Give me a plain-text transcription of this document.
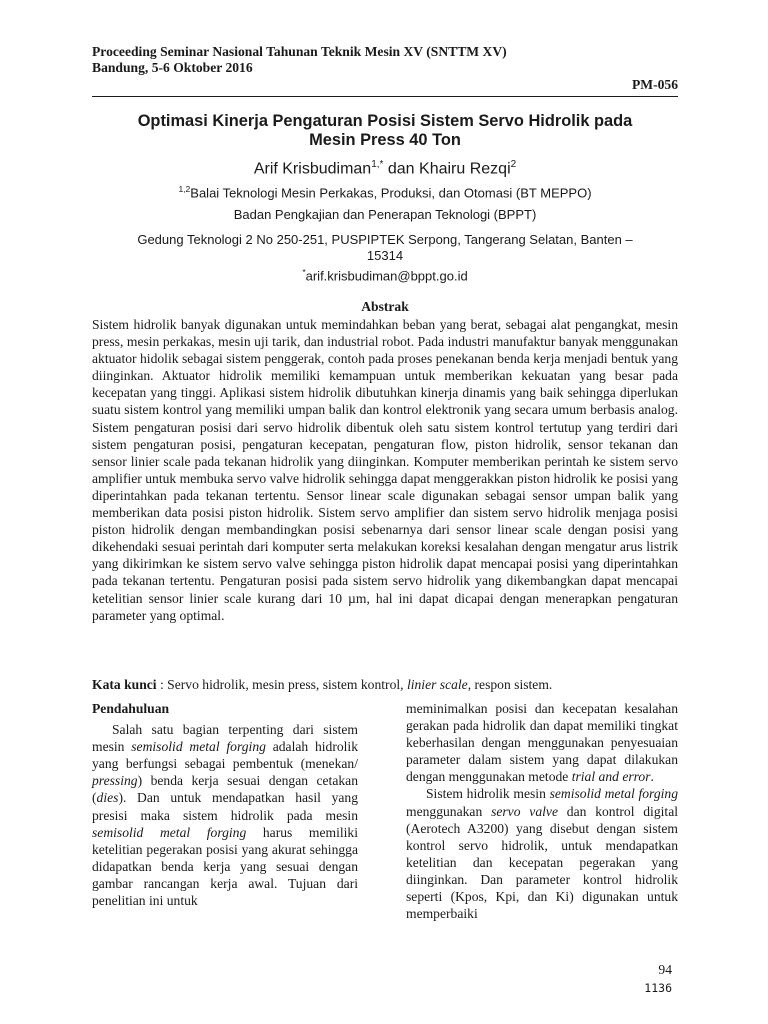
Proceeding Seminar Nasional Tahunan Teknik Mesin XV (SNTTM XV)
Bandung, 5-6 Oktober 2016
PM-056
Optimasi Kinerja Pengaturan Posisi Sistem Servo Hidrolik pada
Mesin Press 40 Ton
Arif Krisbudiman$^{1,*}$ dan Khairu Rezqi$^2$
$^{1,2}$Balai Teknologi Mesin Perkakas, Produksi, dan Otomasi (BT MEPPO)
Badan Pengkajian dan Penerapan Teknologi (BPPT)
Gedung Teknologi 2 No 250-251, PUSPIPTEK Serpong, Tangerang Selatan, Banten –
15314
*arif.krisbudiman@bppt.go.id
Abstrak
Sistem hidrolik banyak digunakan untuk memindahkan beban yang berat, sebagai alat pengangkat, mesin press, mesin perkakas, mesin uji tarik, dan industrial robot. Pada industri manufaktur banyak menggunakan aktuator hidolik sebagai sistem penggerak, contoh pada proses penekanan benda kerja menjadi bentuk yang diinginkan. Aktuator hidrolik memiliki kemampuan untuk memberikan kekuatan yang besar pada kecepatan yang tinggi. Aplikasi sistem hidrolik dibutuhkan kinerja dinamis yang baik sehingga diperlukan suatu sistem kontrol yang memiliki umpan balik dan kontrol elektronik yang secara umum berbasis analog. Sistem pengaturan posisi dari servo hidrolik dibentuk oleh satu sistem kontrol tertutup yang terdiri dari sistem pengaturan posisi, pengaturan kecepatan, pengaturan flow, piston hidrolik, sensor tekanan dan sensor linier scale pada tekanan hidrolik yang diinginkan. Komputer memberikan perintah ke sistem servo amplifier untuk membuka servo valve hidrolik sehingga dapat menggerakkan piston hidrolik ke posisi yang diperintahkan pada tekanan tertentu. Sensor linear scale digunakan sebagai sensor umpan balik yang memberikan data posisi piston hidrolik. Sistem servo amplifier dan sistem servo hidrolik menjaga posisi piston hidrolik dengan membandingkan posisi sebenarnya dari sensor linear scale dengan posisi yang dikehendaki sesuai perintah dari komputer serta melakukan koreksi kesalahan dengan mengatur arus listrik yang dikirimkan ke sistem servo valve sehingga piston hidrolik dapat mencapai posisi yang diperintahkan pada tekanan tertentu. Pengaturan posisi pada sistem servo hidrolik yang dikembangkan dapat mencapai ketelitian sensor linier scale kurang dari 10 µm, hal ini dapat dicapai dengan menerapkan pengaturan parameter yang optimal.
Kata kunci : Servo hidrolik, mesin press, sistem kontrol, linier scale, respon sistem.
Pendahuluan

Salah satu bagian terpenting dari sistem mesin semisolid metal forging adalah hidrolik yang berfungsi sebagai pembentuk (menekan/ pressing) benda kerja sesuai dengan cetakan (dies). Dan untuk mendapatkan hasil yang presisi maka sistem hidrolik pada mesin semisolid metal forging harus memiliki ketelitian pegerakan posisi yang akurat sehingga didapatkan benda kerja yang sesuai dengan gambar rancangan kerja awal. Tujuan dari penelitian ini untuk

meminimalkan posisi dan kecepatan kesalahan gerakan pada hidrolik dan dapat memiliki tingkat keberhasilan dengan menggunakan penyesuaian parameter dalam sistem yang dapat dilakukan dengan menggunakan metode trial and error.

Sistem hidrolik mesin semisolid metal forging menggunakan servo valve dan kontrol digital (Aerotech A3200) yang disebut dengan sistem kontrol servo hidrolik, untuk mendapatkan ketelitian dan kecepatan pegerakan yang diinginkan. Dan parameter kontrol hidrolik seperti (Kpos, Kpi, dan Ki) digunakan untuk memperbaiki

94
1136
